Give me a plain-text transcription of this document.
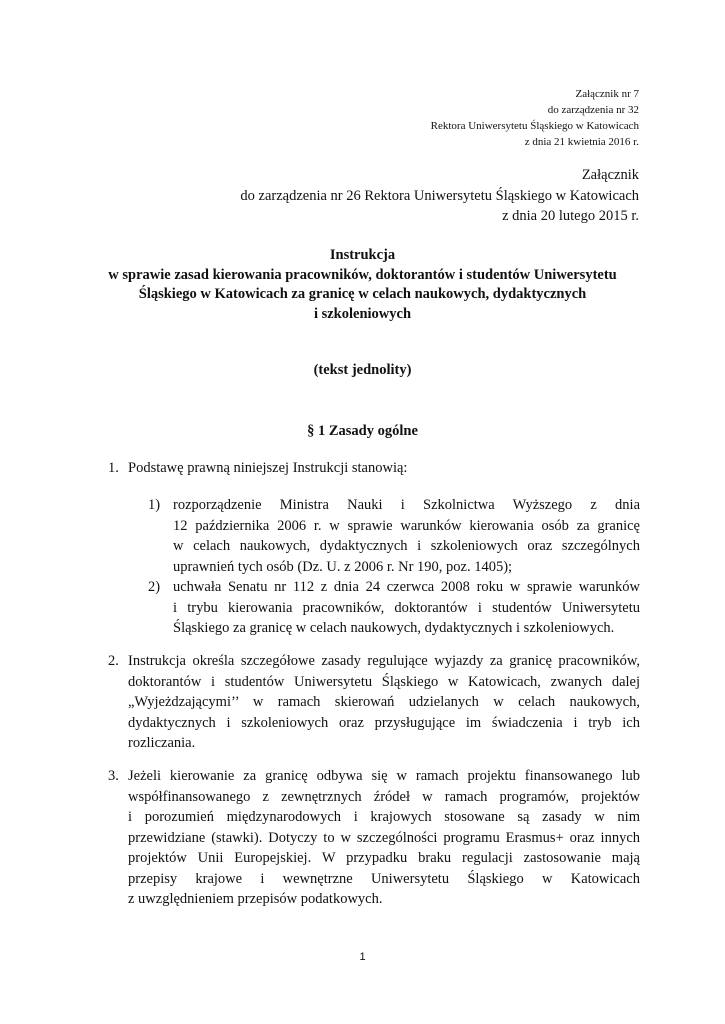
Załącznik nr 7
do zarządzenia nr 32
Rektora Uniwersytetu Śląskiego w Katowicach
z dnia 21 kwietnia 2016 r.
Załącznik
do zarządzenia nr 26 Rektora Uniwersytetu Śląskiego w Katowicach
z dnia 20 lutego 2015 r.
Instrukcja
w sprawie zasad kierowania pracowników, doktorantów i studentów Uniwersytetu
Śląskiego w Katowicach za granicę w celach naukowych, dydaktycznych
i szkoleniowych
(tekst jednolity)
§ 1 Zasady ogólne
1. Podstawę prawną niniejszej Instrukcji stanowią:
1) rozporządzenie Ministra Nauki i Szkolnictwa Wyższego z dnia
12 października 2006 r. w sprawie warunków kierowania osób za granicę
w celach naukowych, dydaktycznych i szkoleniowych oraz szczególnych
uprawnień tych osób (Dz. U. z 2006 r. Nr 190, poz. 1405);
2) uchwała Senatu nr 112 z dnia 24 czerwca 2008 roku w sprawie warunków
i trybu kierowania pracowników, doktorantów i studentów Uniwersytetu
Śląskiego za granicę w celach naukowych, dydaktycznych i szkoleniowych.
2. Instrukcja określa szczegółowe zasady regulujące wyjazdy za granicę pracowników,
doktorantów i studentów Uniwersytetu Śląskiego w Katowicach, zwanych dalej
„Wyjeżdzającymi’’ w ramach skierowań udzielanych w celach naukowych,
dydaktycznych i szkoleniowych oraz przysługujące im świadczenia i tryb ich
rozliczania.
3. Jeżeli kierowanie za granicę odbywa się w ramach projektu finansowanego lub
współfinansowanego z zewnętrznych źródeł w ramach programów, projektów
i porozumień międzynarodowych i krajowych stosowane są zasady w nim
przewidziane (stawki). Dotyczy to w szczególności programu Erasmus+ oraz innych
projektów Unii Europejskiej. W przypadku braku regulacji zastosowanie mają
przepisy krajowe i wewnętrzne Uniwersytetu Śląskiego w Katowicach
z uwzględnieniem przepisów podatkowych.
1
